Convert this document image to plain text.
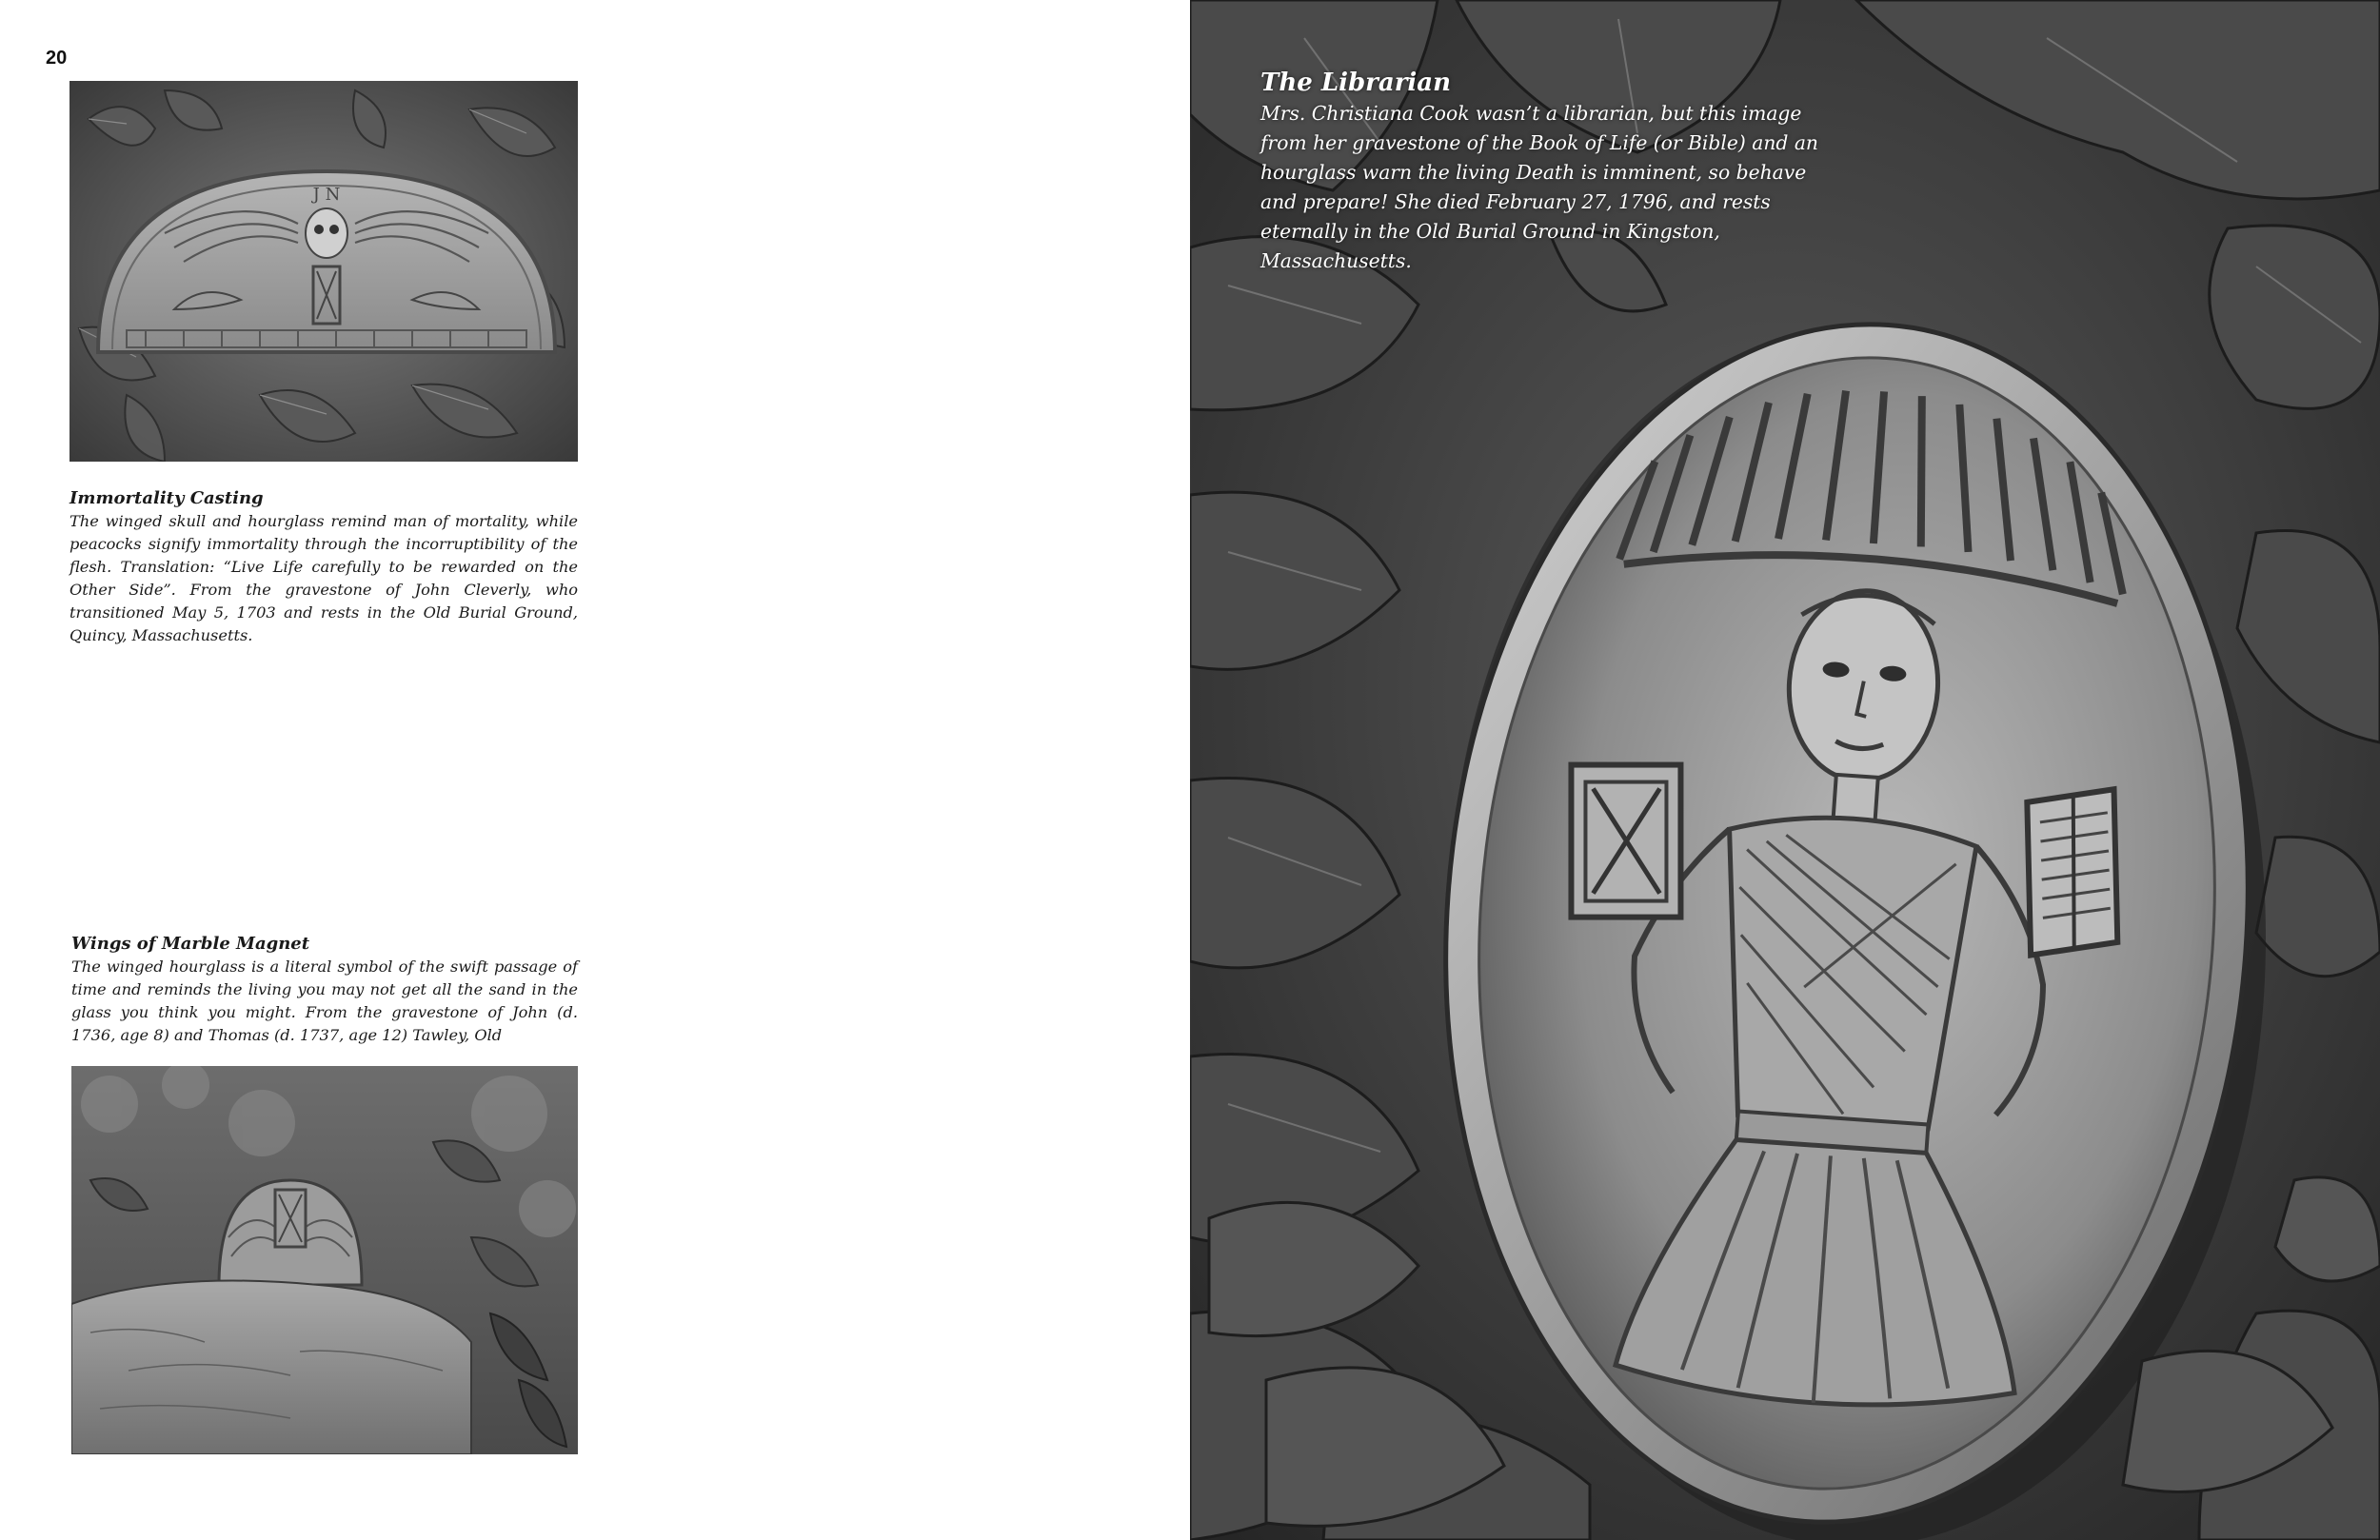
20
J N
Immortality Casting
The winged skull and hourglass remind man of mortality, while peacocks signify immortality through the incorruptibility of the flesh. Translation: “Live Life carefully to be rewarded on the Other Side”. From the gravestone of John Cleverly, who transitioned May 5, 1703 and rests in the Old Burial Ground, Quincy, Massachusetts.
Wings of Marble Magnet
The winged hourglass is a literal symbol of the swift passage of time and reminds the living you may not get all the sand in the glass you think you might. From the gravestone of John (d. 1736, age 8) and Thomas (d. 1737, age 12) Tawley, Old
The Librarian
Mrs. Christiana Cook wasn’t a librarian, but this image from her gravestone of the Book of Life (or Bible) and an hourglass warn the living Death is imminent, so behave and prepare! She died February 27, 1796, and rests eternally in the Old Burial Ground in Kingston, Massachusetts.
